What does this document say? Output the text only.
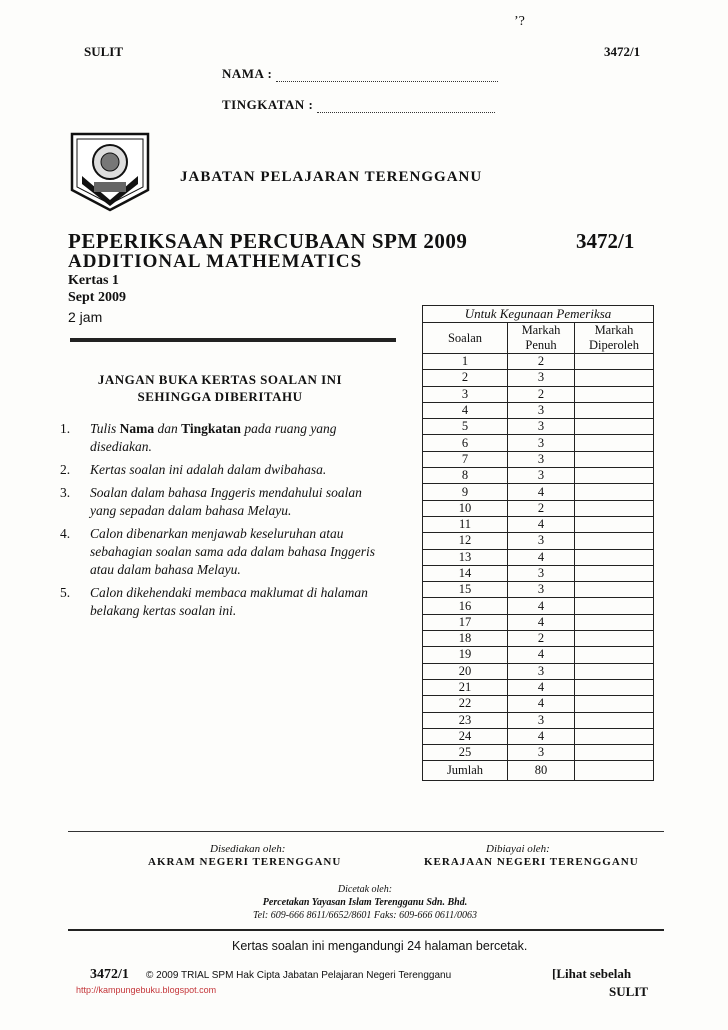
ʼ?
SULIT	3472/1
NAMA :
TINGKATAN :
JABATAN PELAJARAN TERENGGANU
PEPERIKSAAN PERCUBAAN SPM 2009	3472/1
ADDITIONAL MATHEMATICS
Kertas 1
Sept 2009
2 jam
JANGAN BUKA KERTAS SOALAN INI
SEHINGGA DIBERITAHU
1. Tulis Nama dan Tingkatan pada ruang yang disediakan.
2. Kertas soalan ini adalah dalam dwibahasa.
3. Soalan dalam bahasa Inggeris mendahului soalan yang sepadan dalam bahasa Melayu.
4. Calon dibenarkan menjawab keseluruhan atau sebahagian soalan sama ada dalam bahasa Inggeris atau dalam bahasa Melayu.
5. Calon dikehendaki membaca maklumat di halaman belakang kertas soalan ini.
Untuk Kegunaan Pemeriksa		
Soalan	Markah Penuh	Markah Diperoleh
1	2	
2	3	
3	2	
4	3	
5	3	
6	3	
7	3	
8	3	
9	4	
10	2	
11	4	
12	3	
13	4	
14	3	
15	3	
16	4	
17	4	
18	2	
19	4	
20	3	
21	4	
22	4	
23	3	
24	4	
25	3	
Jumlah	80	
Disediakan oleh:
AKRAM NEGERI TERENGGANU
Dibiayai oleh:
KERAJAAN NEGERI TERENGGANU
Dicetak oleh:
Percetakan Yayasan Islam Terengganu Sdn. Bhd.
Tel: 609-666 8611/6652/8601 Faks: 609-666 0611/0063
Kertas soalan ini mengandungi 24 halaman bercetak.
3472/1 © 2009 TRIAL SPM Hak Cipta Jabatan Pelajaran Negeri Terengganu
http://kampungebuku.blogspot.com
[Lihat sebelah
SULIT
